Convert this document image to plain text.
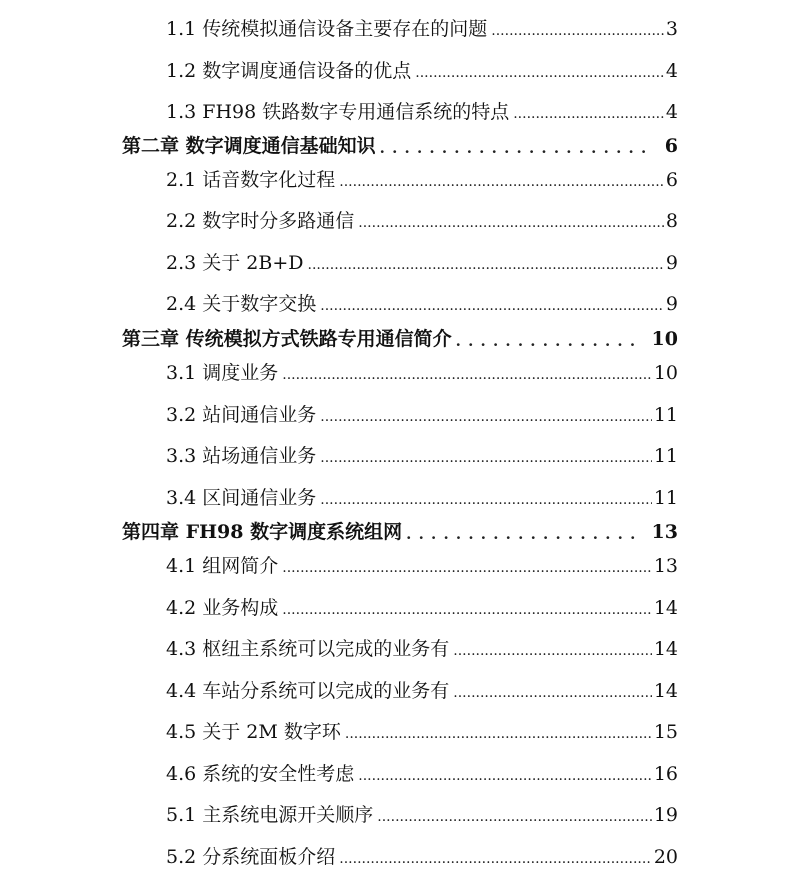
1.1 传统模拟通信设备主要存在的问题 .....	3
1.2 数字调度通信设备的优点 .....	4
1.3 FH98 铁路数字专用通信系统的特点 .....	4
第二章 数字调度通信基础知识 . . .	6
2.1 话音数字化过程 .....	6
2.2 数字时分多路通信 .....	8
2.3 关于 2B+D .....	9
2.4 关于数字交换 .....	9
第三章 传统模拟方式铁路专用通信简介 . . .	10
3.1 调度业务 .....	10
3.2 站间通信业务 .....	11
3.3 站场通信业务 .....	11
3.4 区间通信业务 .....	11
第四章 FH98 数字调度系统组网 . . .	13
4.1 组网简介 .....	13
4.2 业务构成 .....	14
4.3 枢纽主系统可以完成的业务有 .....	14
4.4 车站分系统可以完成的业务有 .....	14
4.5 关于 2M 数字环 .....	15
4.6 系统的安全性考虑 .....	16
5.1 主系统电源开关顺序 .....	19
5.2 分系统面板介绍 .....	20
